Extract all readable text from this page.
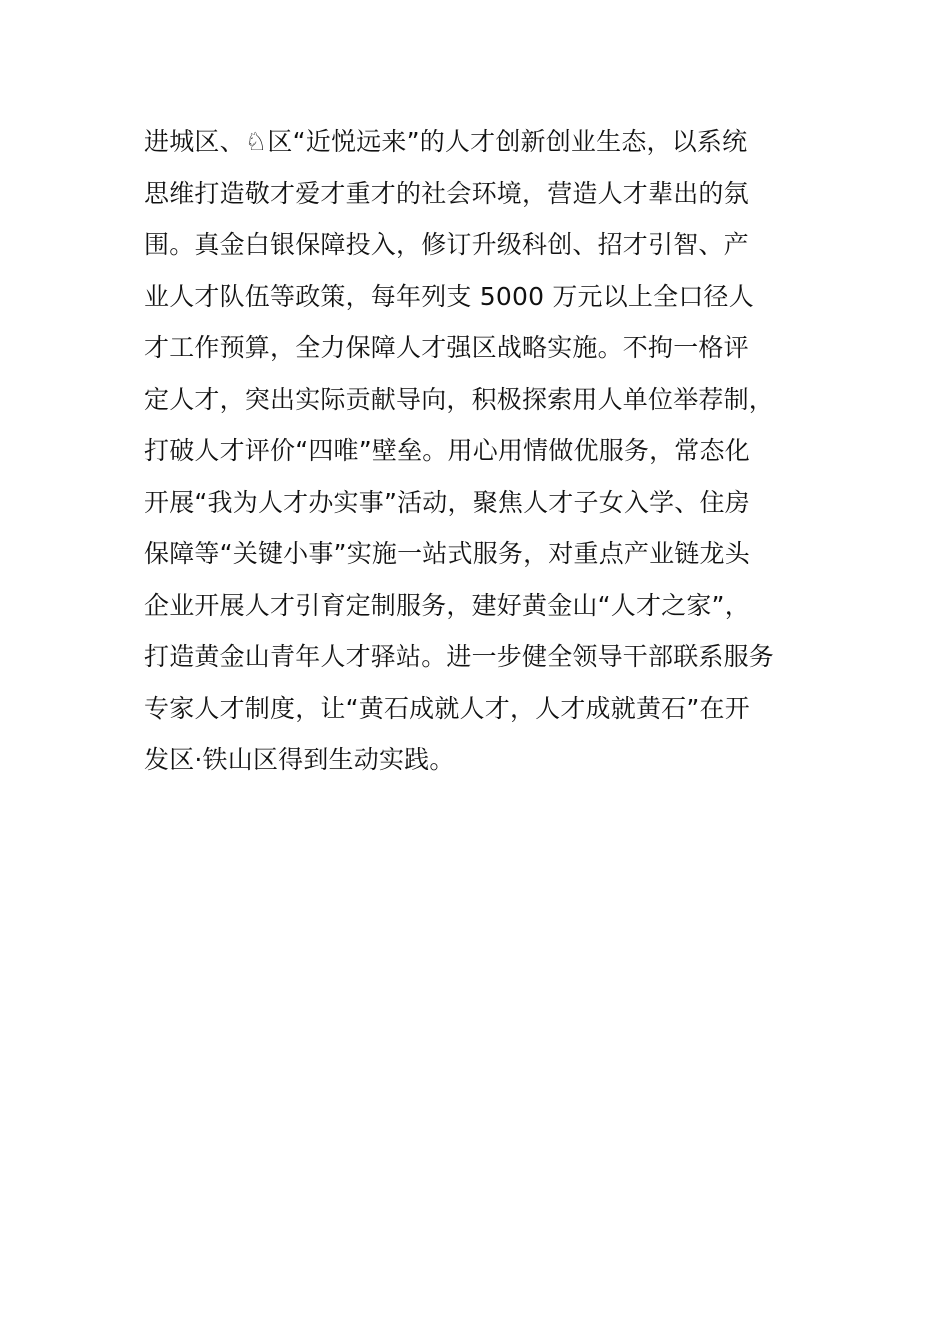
进城区、♘区“近悦远来”的人才创新创业生态，以系统
思维打造敬才爱才重才的社会环境，营造人才辈出的氛
围。真金白银保障投入，修订升级科创、招才引智、产
业人才队伍等政策，每年列支 5000 万元以上全口径人
才工作预算，全力保障人才强区战略实施。不拘一格评
定人才，突出实际贡献导向，积极探索用人单位举荐制，
打破人才评价“四唯”壁垒。用心用情做优服务，常态化
开展“我为人才办实事”活动，聚焦人才子女入学、住房
保障等“关键小事”实施一站式服务，对重点产业链龙头
企业开展人才引育定制服务，建好黄金山“人才之家”，
打造黄金山青年人才驿站。进一步健全领导干部联系服务
专家人才制度，让“黄石成就人才，人才成就黄石”在开
发区·铁山区得到生动实践。
